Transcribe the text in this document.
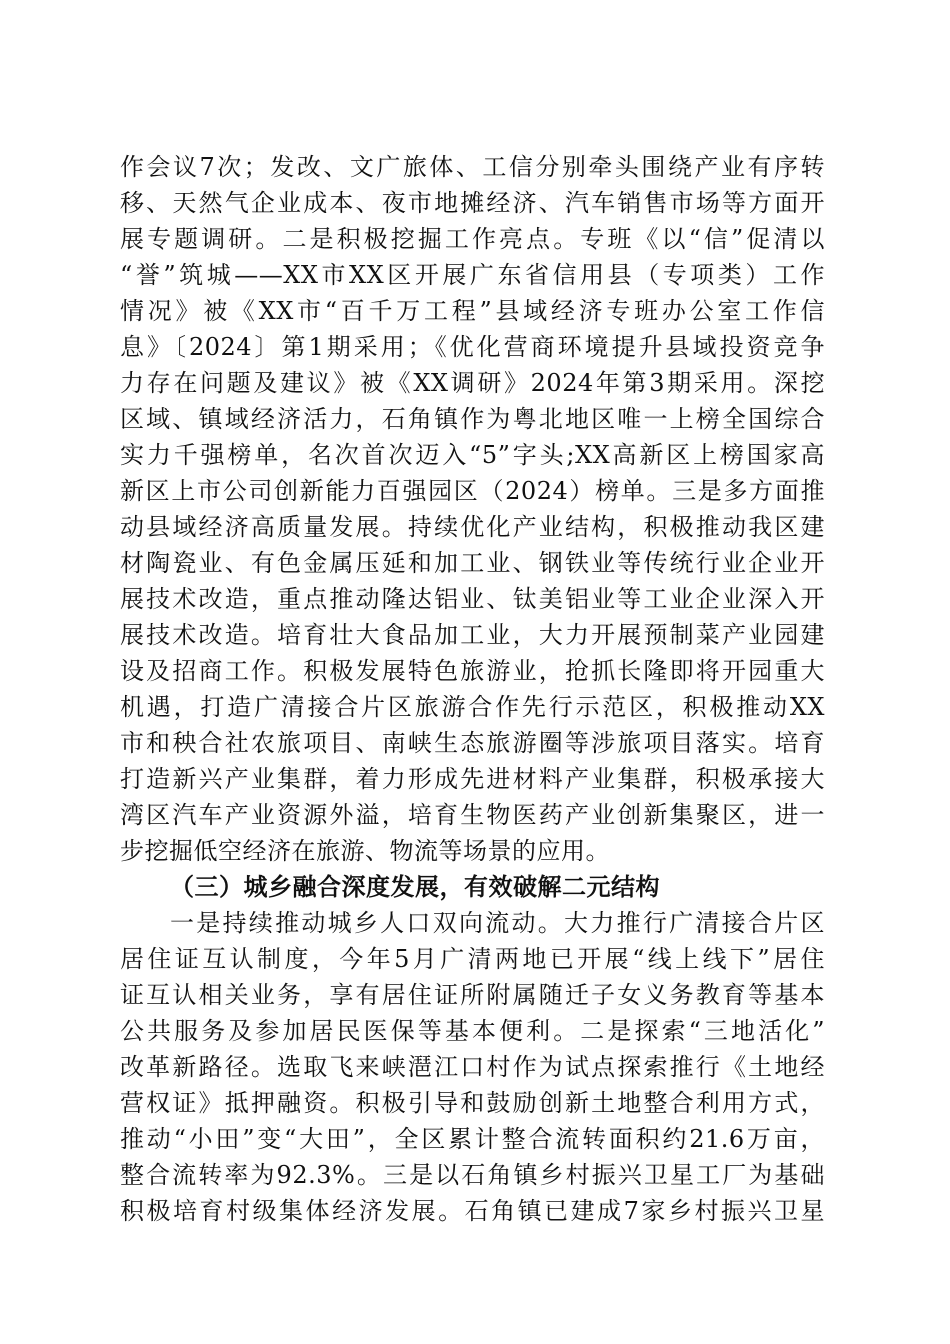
作会议7次；发改、文广旅体、工信分别牵头围绕产业有序转
移、天然气企业成本、夜市地摊经济、汽车销售市场等方面开
展专题调研。二是积极挖掘工作亮点。专班《以“信”促清以
“誉”筑城——XX市XX区开展广东省信用县（专项类）工作
情况》被《XX市“百千万工程”县域经济专班办公室工作信
息》〔2024〕第1期采用；《优化营商环境提升县域投资竞争
力存在问题及建议》被《XX调研》2024年第3期采用。深挖
区域、镇域经济活力，石角镇作为粤北地区唯一上榜全国综合
实力千强榜单，名次首次迈入“5”字头;XX高新区上榜国家高
新区上市公司创新能力百强园区（2024）榜单。三是多方面推
动县域经济高质量发展。持续优化产业结构，积极推动我区建
材陶瓷业、有色金属压延和加工业、钢铁业等传统行业企业开
展技术改造，重点推动隆达铝业、钛美铝业等工业企业深入开
展技术改造。培育壮大食品加工业，大力开展预制菜产业园建
设及招商工作。积极发展特色旅游业，抢抓长隆即将开园重大
机遇，打造广清接合片区旅游合作先行示范区，积极推动XX
市和秧合社农旅项目、南峡生态旅游圈等涉旅项目落实。培育
打造新兴产业集群，着力形成先进材料产业集群，积极承接大
湾区汽车产业资源外溢，培育生物医药产业创新集聚区，进一
步挖掘低空经济在旅游、物流等场景的应用。
（三）城乡融合深度发展，有效破解二元结构
一是持续推动城乡人口双向流动。大力推行广清接合片区
居住证互认制度，今年5月广清两地已开展“线上线下”居住
证互认相关业务，享有居住证所附属随迁子女义务教育等基本
公共服务及参加居民医保等基本便利。二是探索“三地活化”
改革新路径。选取飞来峡潖江口村作为试点探索推行《土地经
营权证》抵押融资。积极引导和鼓励创新土地整合利用方式，
推动“小田”变“大田”，全区累计整合流转面积约21.6万亩，
整合流转率为92.3%。三是以石角镇乡村振兴卫星工厂为基础
积极培育村级集体经济发展。石角镇已建成7家乡村振兴卫星
